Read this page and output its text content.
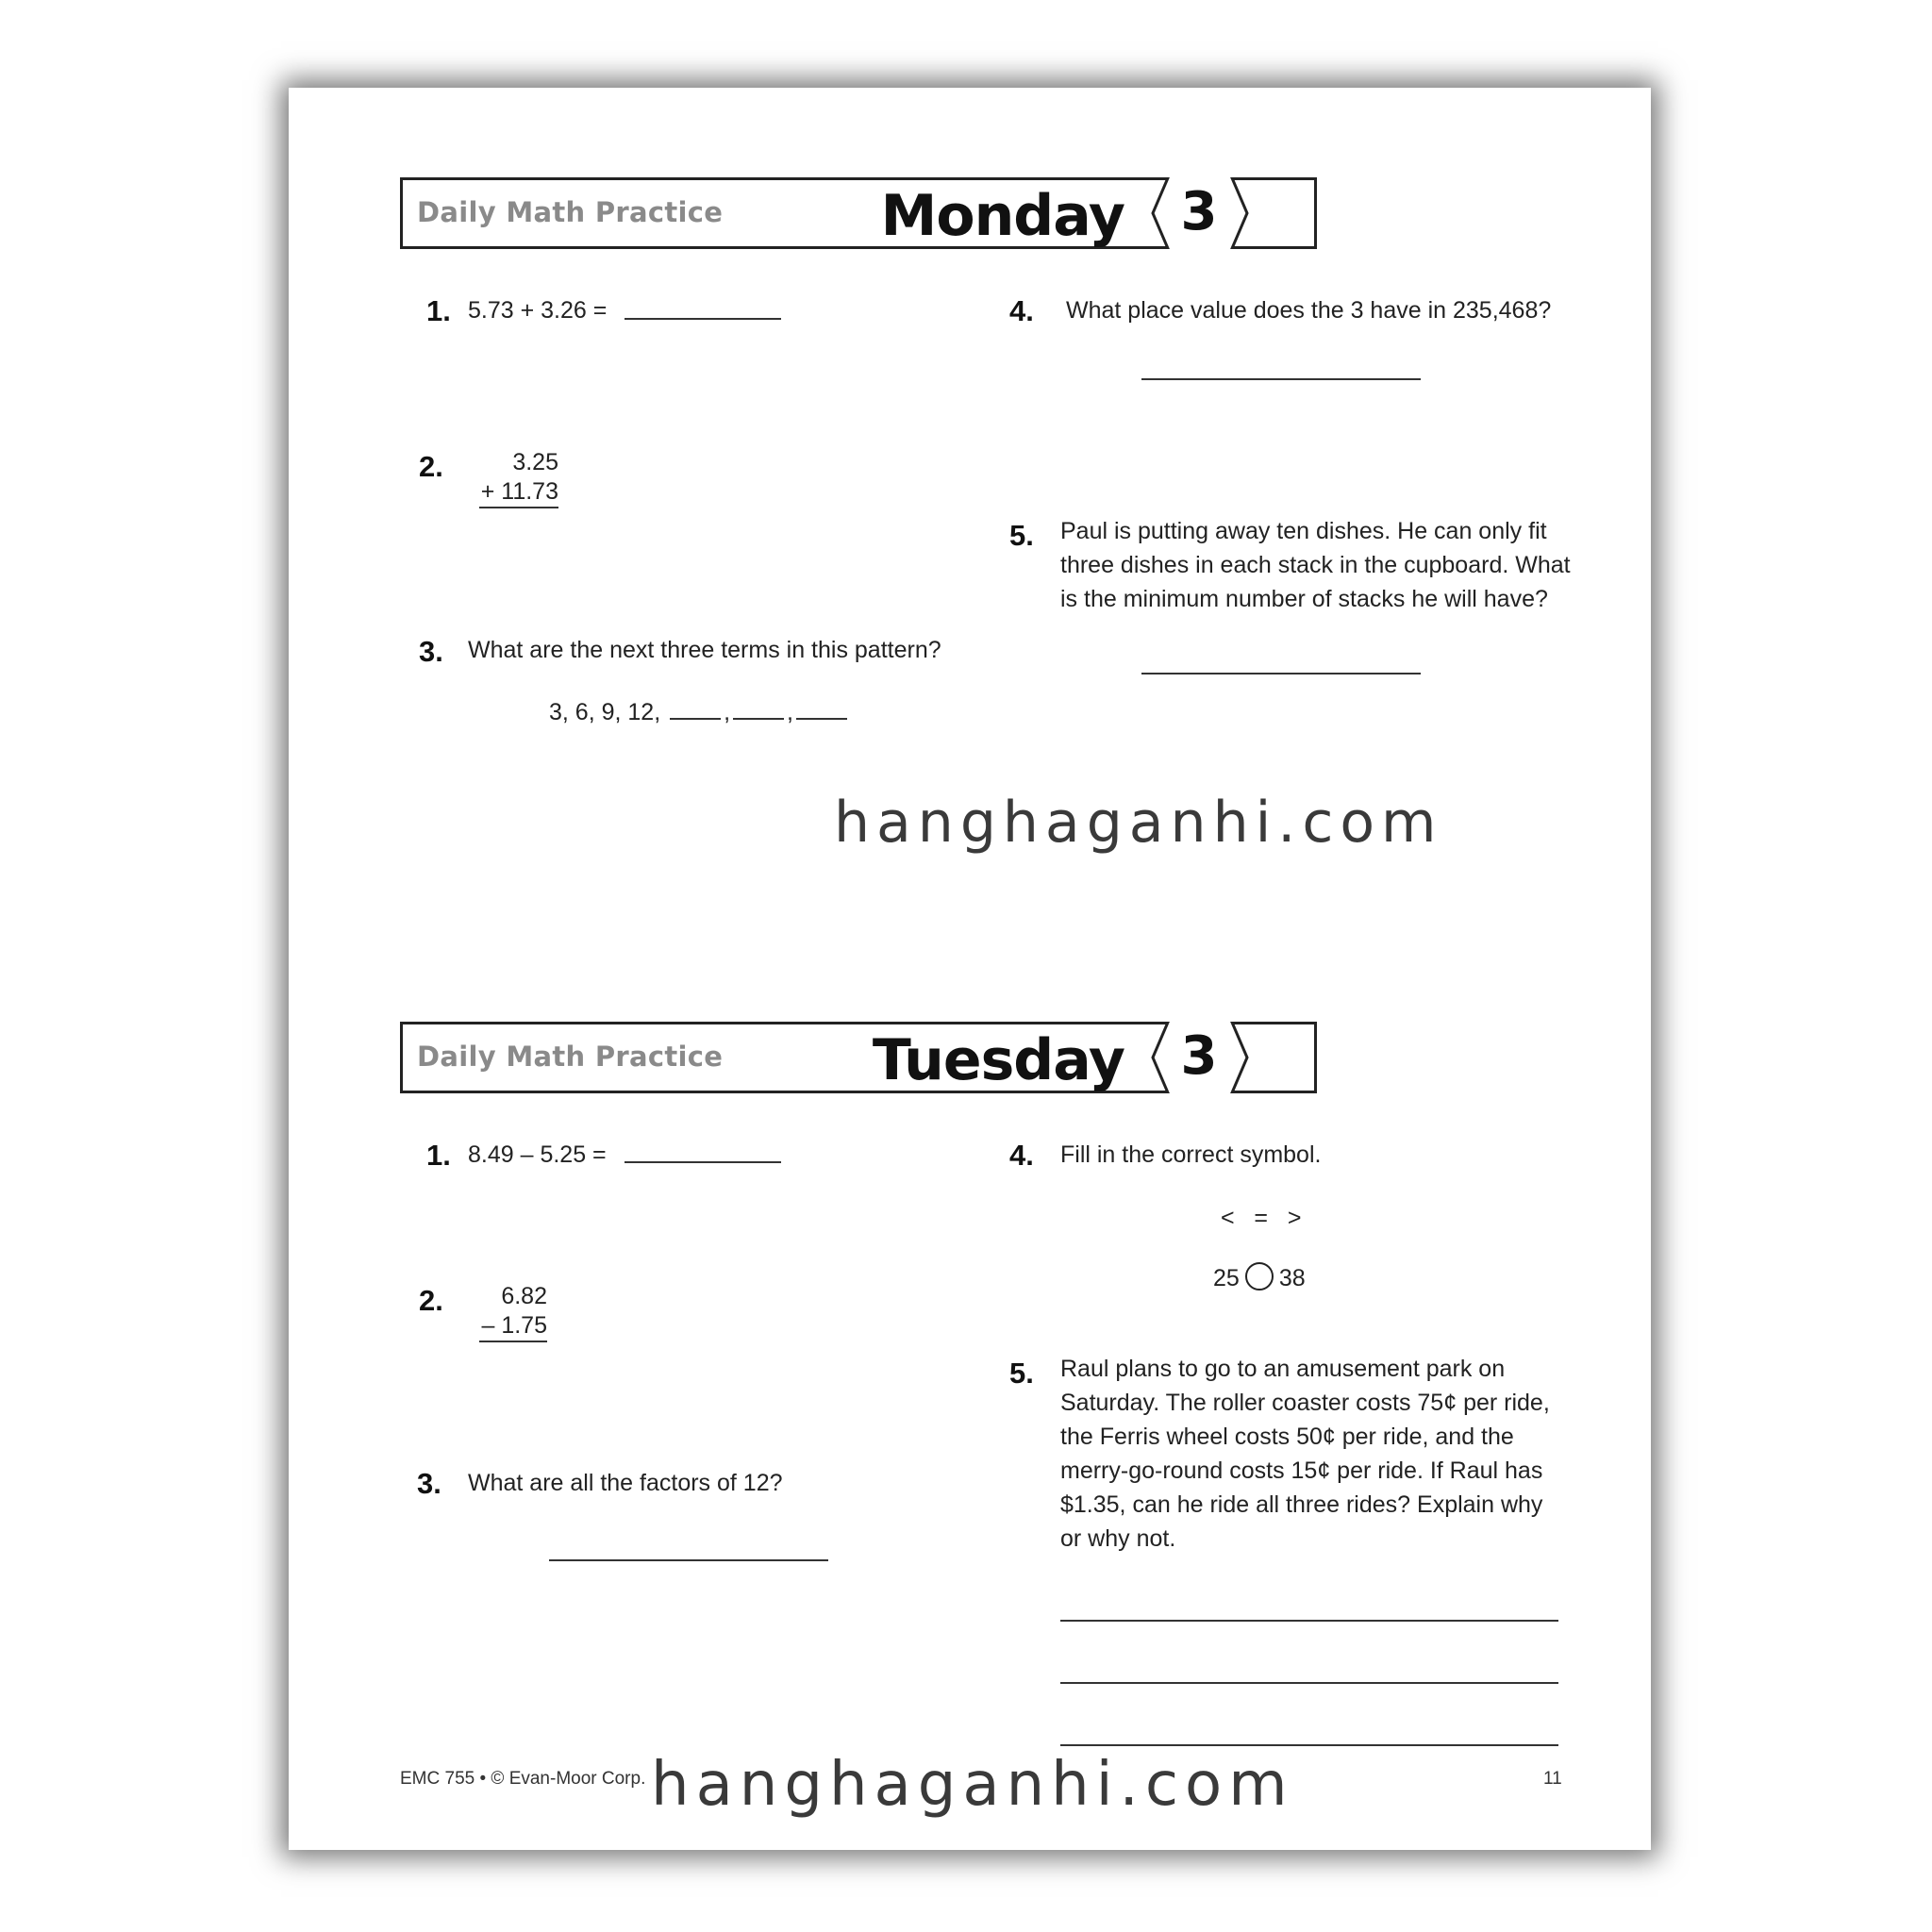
Daily Math Practice	Monday	3
1. 5.73 + 3.26 =
2.	3.25
+ 11.73
3. What are the next three terms in this pattern?
3, 6, 9, 12,	, ,
4. What place value does the 3 have in 235,468?
5. Paul is putting away ten dishes. He can only fit
three dishes in each stack in the cupboard. What
is the minimum number of stacks he will have?
hanghaganhi.com
Daily Math Practice	Tuesday	3
1. 8.49 – 5.25 =
2.	6.82
– 1.75
3. What are all the factors of 12?
4. Fill in the correct symbol.
<   =   >
25 38
5. Raul plans to go to an amusement park on
Saturday. The roller coaster costs 75¢ per ride,
the Ferris wheel costs 50¢ per ride, and the
merry-go-round costs 15¢ per ride. If Raul has
$1.35, can he ride all three rides? Explain why
or why not.
EMC 755 • © Evan-Moor Corp.	11
hanghaganhi.com
